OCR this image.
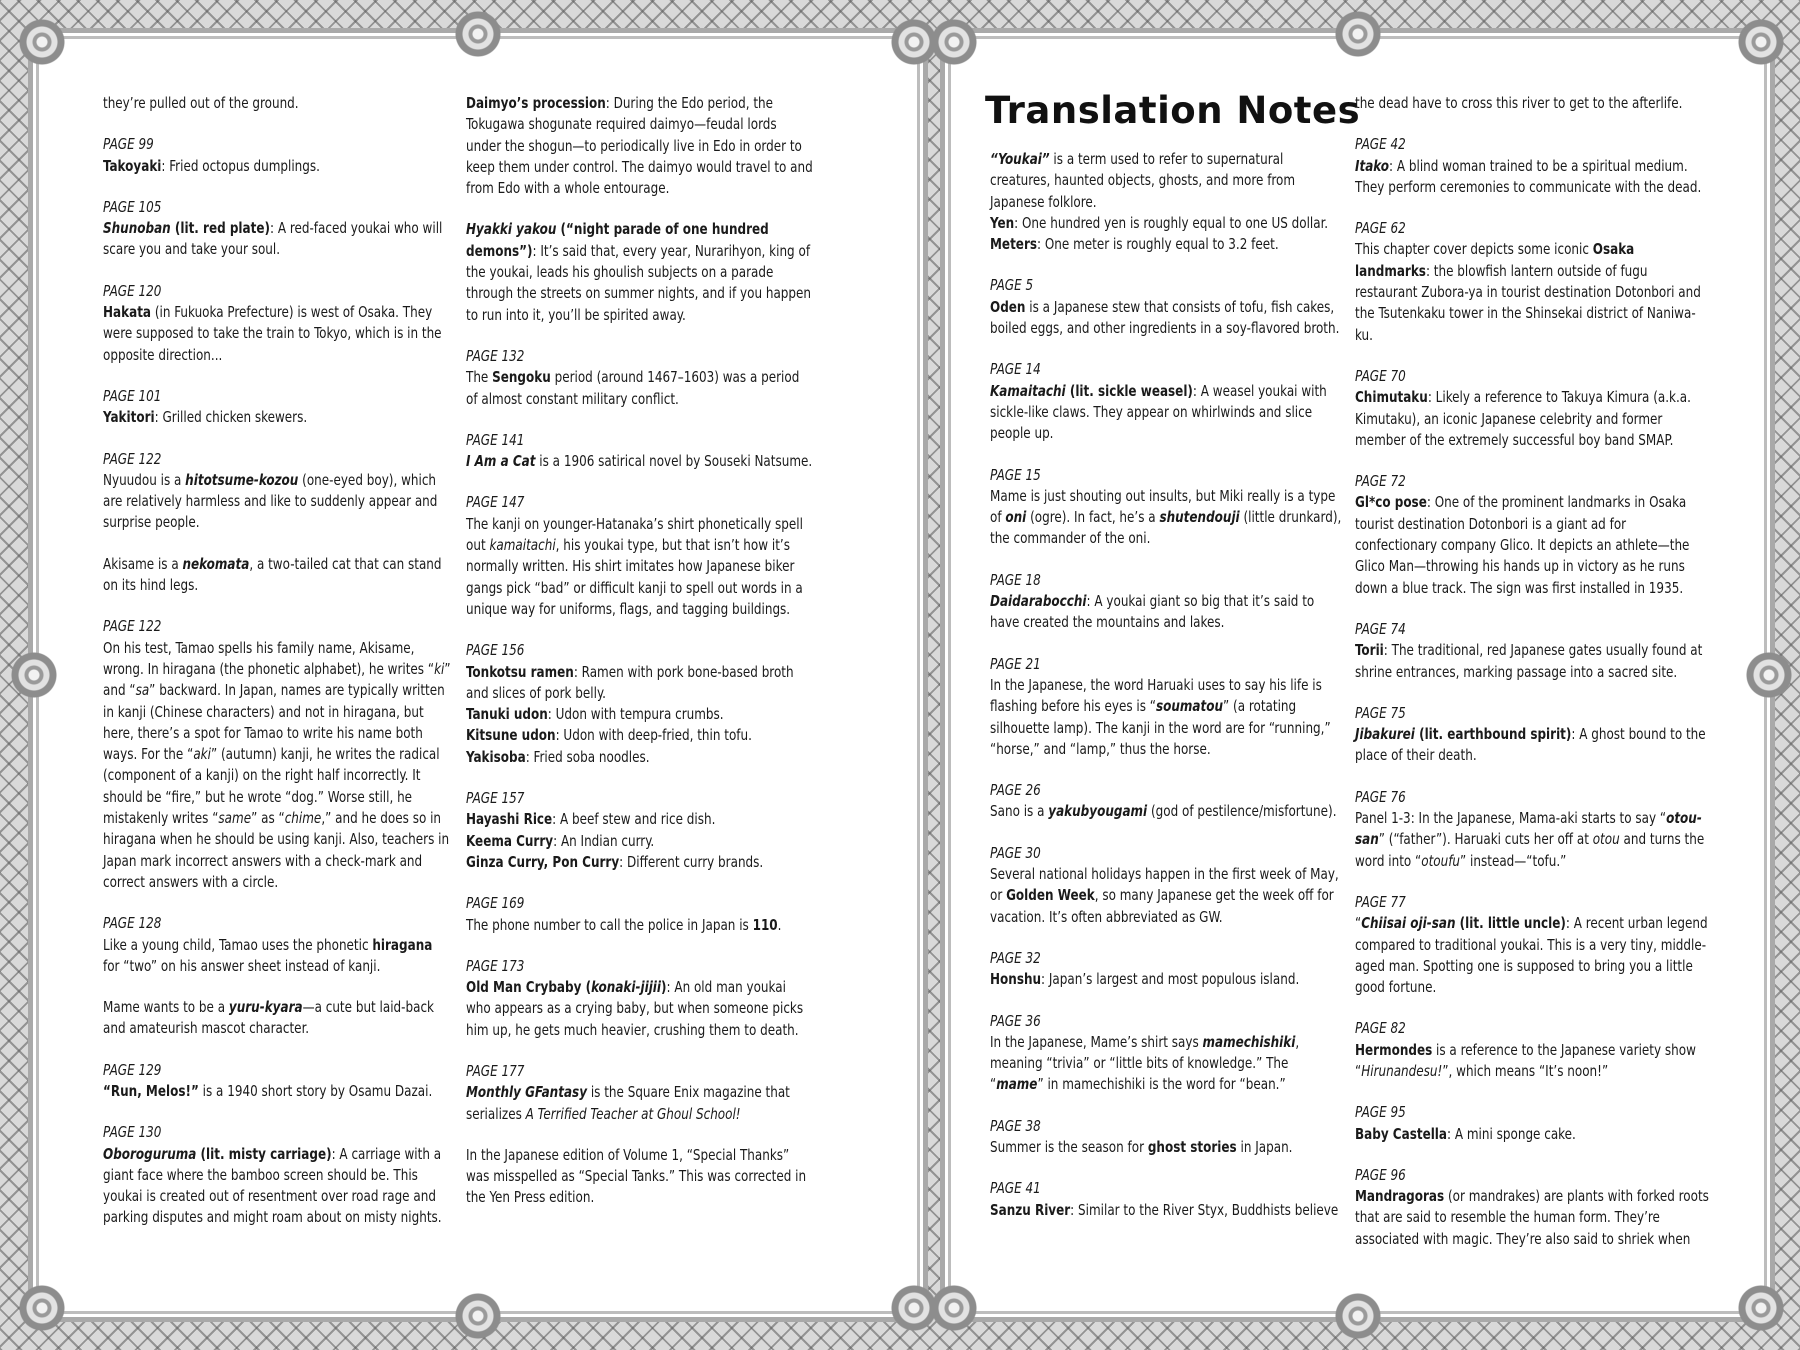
they’re pulled out of the ground.
PAGE 99
Takoyaki: Fried octopus dumplings.
PAGE 105
Shunoban (lit. red plate): A red-faced youkai who will scare you and take your soul.
PAGE 120
Hakata (in Fukuoka Prefecture) is west of Osaka. They were supposed to take the train to Tokyo, which is in the opposite direction...
PAGE 101
Yakitori: Grilled chicken skewers.
PAGE 122
Nyuudou is a hitotsume-kozou (one-eyed boy), which are relatively harmless and like to suddenly appear and surprise people.
Akisame is a nekomata, a two-tailed cat that can stand on its hind legs.
PAGE 122
On his test, Tamao spells his family name, Akisame, wrong. In hiragana (the phonetic alphabet), he writes “ki” and “sa” backward. In Japan, names are typically written in kanji (Chinese characters) and not in hiragana, but here, there’s a spot for Tamao to write his name both ways. For the “aki” (autumn) kanji, he writes the radical (component of a kanji) on the right half incorrectly. It should be “fire,” but he wrote “dog.” Worse still, he mistakenly writes “same” as “chime,” and he does so in hiragana when he should be using kanji. Also, teachers in Japan mark incorrect answers with a check-mark and correct answers with a circle.
PAGE 128
Like a young child, Tamao uses the phonetic hiragana for “two” on his answer sheet instead of kanji.
Mame wants to be a yuru-kyara—a cute but laid-back and amateurish mascot character.
PAGE 129
“Run, Melos!” is a 1940 short story by Osamu Dazai.
PAGE 130
Oboroguruma (lit. misty carriage): A carriage with a giant face where the bamboo screen should be. This youkai is created out of resentment over road rage and parking disputes and might roam about on misty nights.
Daimyo’s procession: During the Edo period, the Tokugawa shogunate required daimyo—feudal lords under the shogun—to periodically live in Edo in order to keep them under control. The daimyo would travel to and from Edo with a whole entourage.
Hyakki yakou (“night parade of one hundred demons”): It’s said that, every year, Nurarihyon, king of the youkai, leads his ghoulish subjects on a parade through the streets on summer nights, and if you happen to run into it, you’ll be spirited away.
PAGE 132
The Sengoku period (around 1467–1603) was a period of almost constant military conflict.
PAGE 141
I Am a Cat is a 1906 satirical novel by Souseki Natsume.
PAGE 147
The kanji on younger-Hatanaka’s shirt phonetically spell out kamaitachi, his youkai type, but that isn’t how it’s normally written. His shirt imitates how Japanese biker gangs pick “bad” or difficult kanji to spell out words in a unique way for uniforms, flags, and tagging buildings.
PAGE 156
Tonkotsu ramen: Ramen with pork bone-based broth and slices of pork belly.
Tanuki udon: Udon with tempura crumbs.
Kitsune udon: Udon with deep-fried, thin tofu.
Yakisoba: Fried soba noodles.
PAGE 157
Hayashi Rice: A beef stew and rice dish.
Keema Curry: An Indian curry.
Ginza Curry, Pon Curry: Different curry brands.
PAGE 169
The phone number to call the police in Japan is 110.
PAGE 173
Old Man Crybaby (konaki-jijii): An old man youkai who appears as a crying baby, but when someone picks him up, he gets much heavier, crushing them to death.
PAGE 177
Monthly GFantasy is the Square Enix magazine that serializes A Terrified Teacher at Ghoul School!
In the Japanese edition of Volume 1, “Special Thanks” was misspelled as “Special Tanks.” This was corrected in the Yen Press edition.
Translation Notes
“Youkai” is a term used to refer to supernatural creatures, haunted objects, ghosts, and more from Japanese folklore.
Yen: One hundred yen is roughly equal to one US dollar.
Meters: One meter is roughly equal to 3.2 feet.
PAGE 5
Oden is a Japanese stew that consists of tofu, fish cakes, boiled eggs, and other ingredients in a soy-flavored broth.
PAGE 14
Kamaitachi (lit. sickle weasel): A weasel youkai with sickle-like claws. They appear on whirlwinds and slice people up.
PAGE 15
Mame is just shouting out insults, but Miki really is a type of oni (ogre). In fact, he’s a shutendouji (little drunkard), the commander of the oni.
PAGE 18
Daidarabocchi: A youkai giant so big that it’s said to have created the mountains and lakes.
PAGE 21
In the Japanese, the word Haruaki uses to say his life is flashing before his eyes is “soumatou” (a rotating silhouette lamp). The kanji in the word are for “running,” “horse,” and “lamp,” thus the horse.
PAGE 26
Sano is a yakubyougami (god of pestilence/misfortune).
PAGE 30
Several national holidays happen in the first week of May, or Golden Week, so many Japanese get the week off for vacation. It’s often abbreviated as GW.
PAGE 32
Honshu: Japan’s largest and most populous island.
PAGE 36
In the Japanese, Mame’s shirt says mamechishiki, meaning “trivia” or “little bits of knowledge.” The “mame” in mamechishiki is the word for “bean.”
PAGE 38
Summer is the season for ghost stories in Japan.
PAGE 41
Sanzu River: Similar to the River Styx, Buddhists believe
the dead have to cross this river to get to the afterlife.
PAGE 42
Itako: A blind woman trained to be a spiritual medium. They perform ceremonies to communicate with the dead.
PAGE 62
This chapter cover depicts some iconic Osaka landmarks: the blowfish lantern outside of fugu restaurant Zubora-ya in tourist destination Dotonbori and the Tsutenkaku tower in the Shinsekai district of Naniwa-ku.
PAGE 70
Chimutaku: Likely a reference to Takuya Kimura (a.k.a. Kimutaku), an iconic Japanese celebrity and former member of the extremely successful boy band SMAP.
PAGE 72
Gl*co pose: One of the prominent landmarks in Osaka tourist destination Dotonbori is a giant ad for confectionary company Glico. It depicts an athlete—the Glico Man—throwing his hands up in victory as he runs down a blue track. The sign was first installed in 1935.
PAGE 74
Torii: The traditional, red Japanese gates usually found at shrine entrances, marking passage into a sacred site.
PAGE 75
Jibakurei (lit. earthbound spirit): A ghost bound to the place of their death.
PAGE 76
Panel 1-3: In the Japanese, Mama-aki starts to say “otou-san” (“father”). Haruaki cuts her off at otou and turns the word into “otoufu” instead—“tofu.”
PAGE 77
“Chiisai oji-san (lit. little uncle): A recent urban legend compared to traditional youkai. This is a very tiny, middle-aged man. Spotting one is supposed to bring you a little good fortune.
PAGE 82
Hermondes is a reference to the Japanese variety show “Hirunandesu!”, which means “It’s noon!”
PAGE 95
Baby Castella: A mini sponge cake.
PAGE 96
Mandragoras (or mandrakes) are plants with forked roots that are said to resemble the human form. They’re associated with magic. They’re also said to shriek when
